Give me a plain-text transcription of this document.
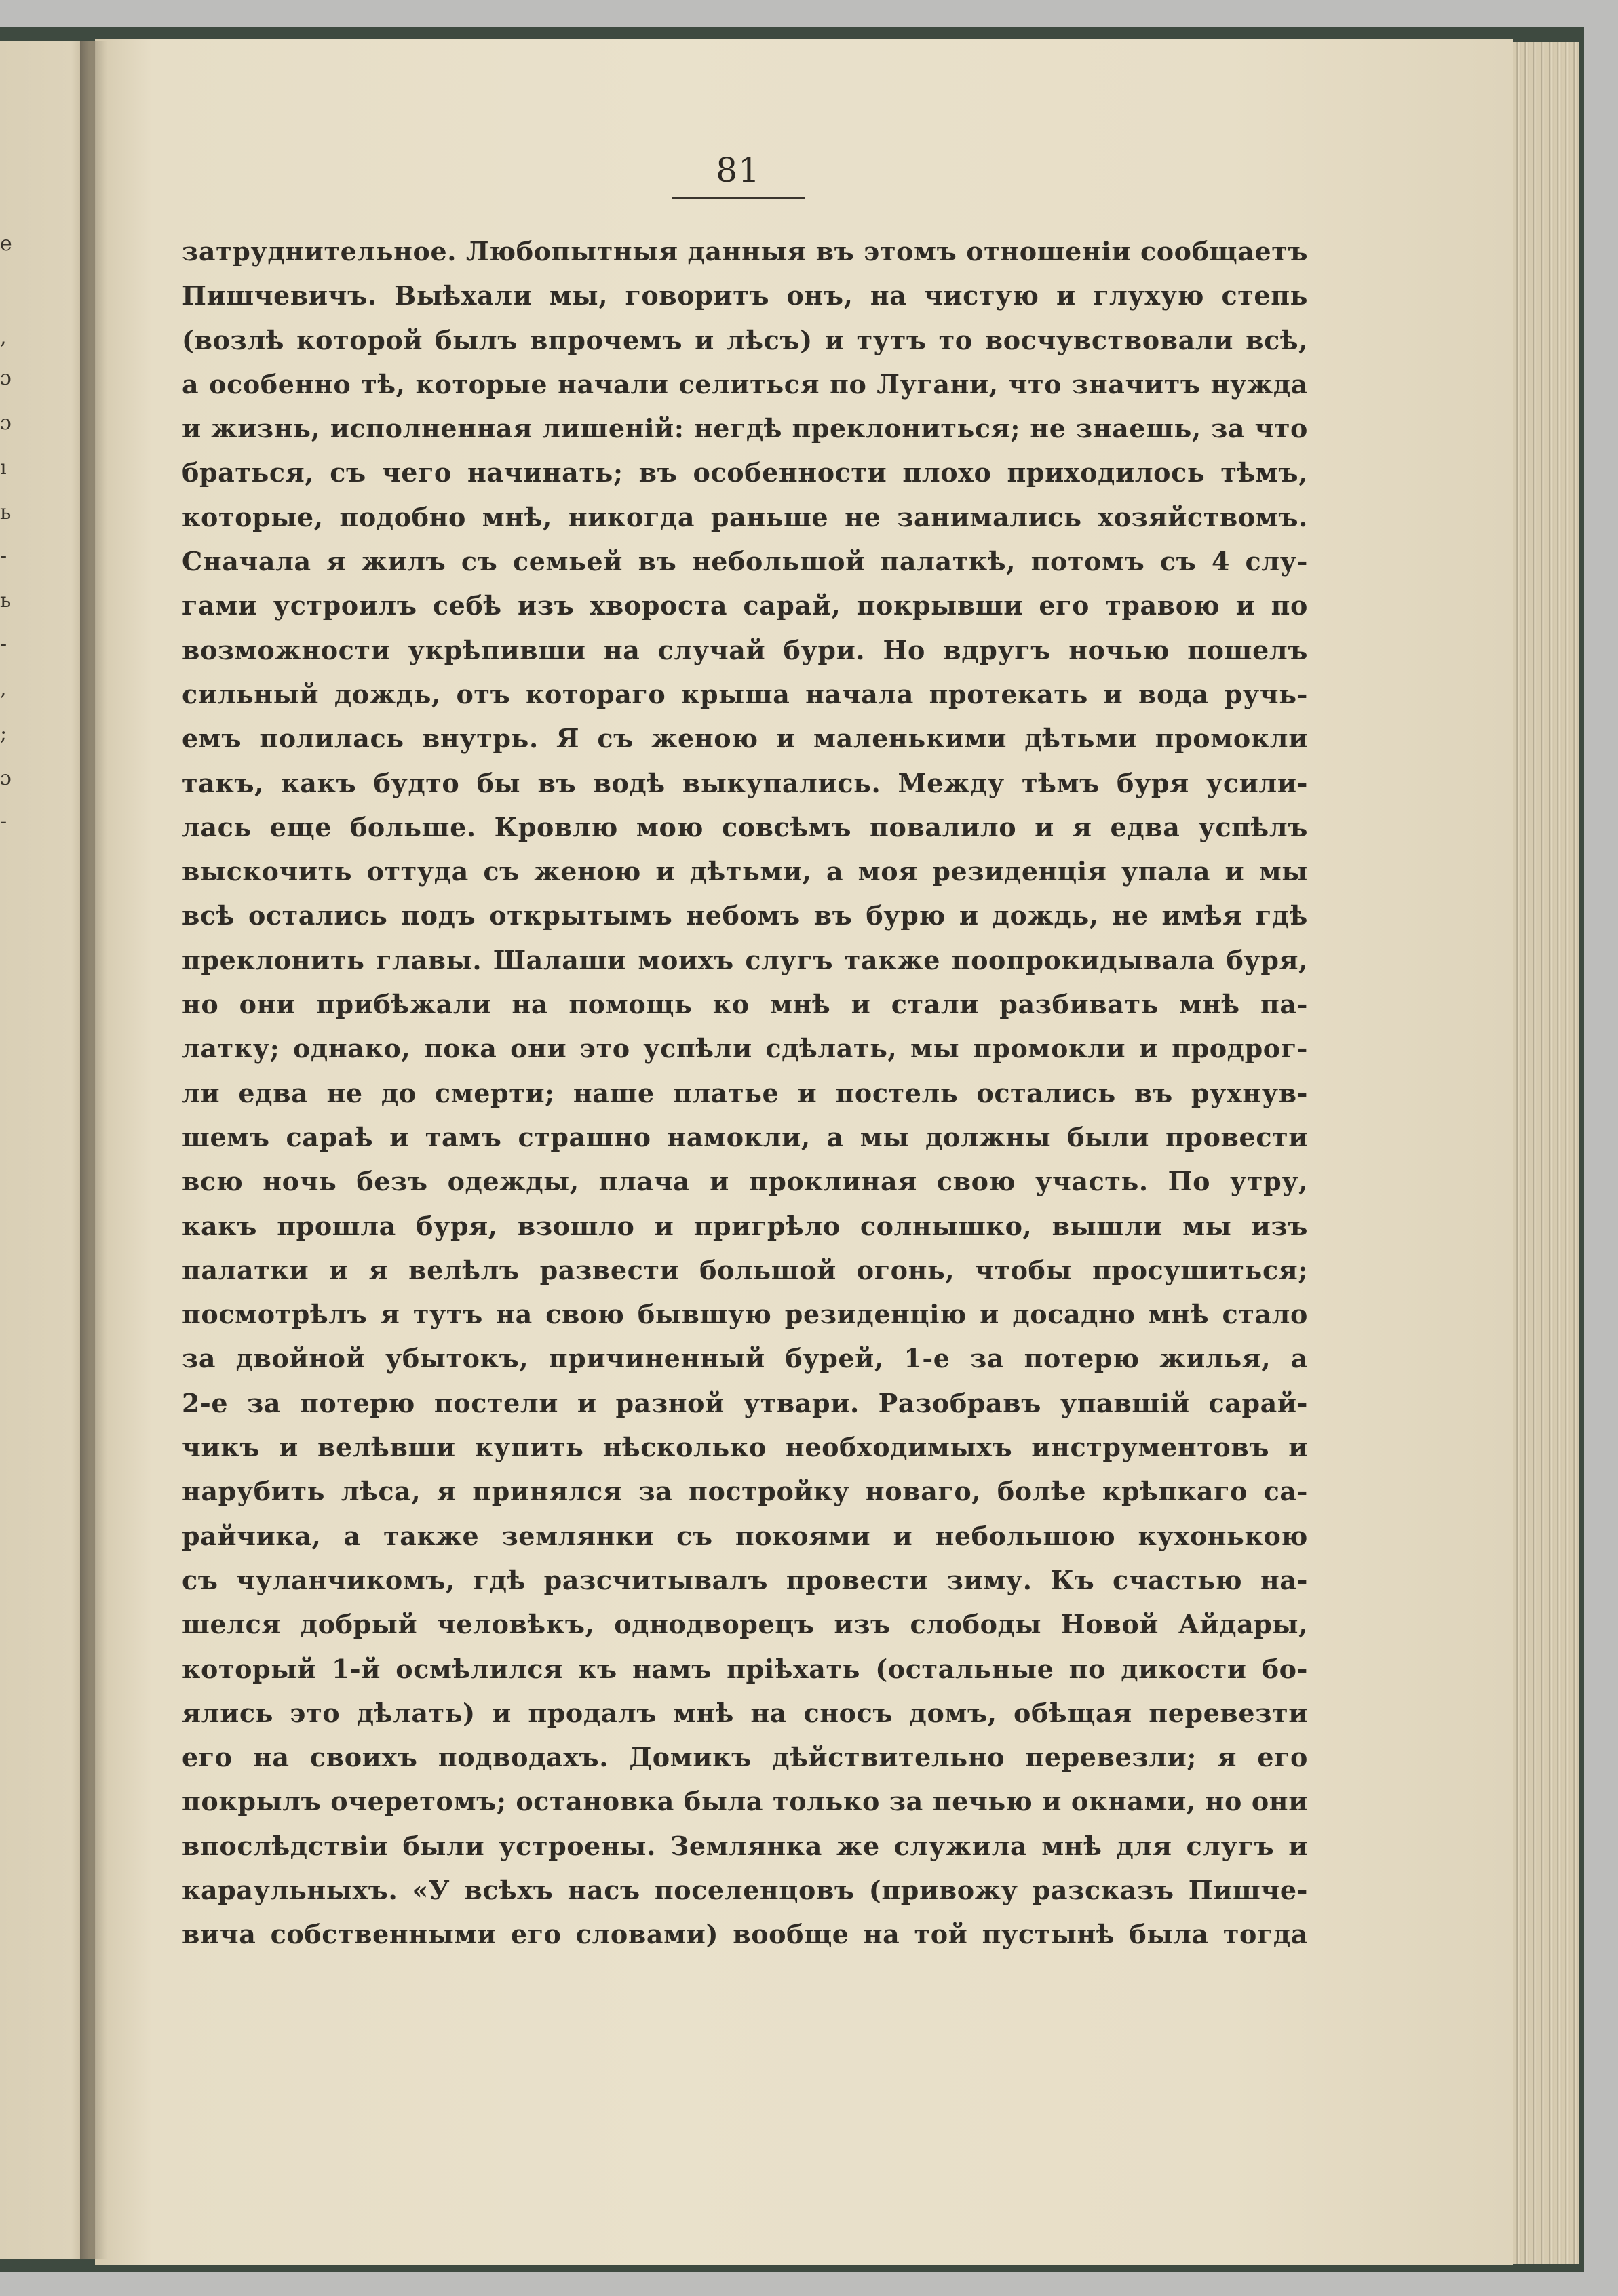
e
,
ɔ
ɔ
ı
ь
-
ь
-
,
;
ɔ
-
81
затруднительное. Любопытныя данныя въ этомъ отношеніи сообщаетъ
Пишчевичъ. Выѣхали мы, говоритъ онъ, на чистую и глухую степь
(возлѣ которой былъ впрочемъ и лѣсъ) и тутъ то восчувствовали всѣ,
а особенно тѣ, которые начали селиться по Лугани, что значитъ нужда
и жизнь, исполненная лишеній: негдѣ преклониться; не знаешь, за что
браться, съ чего начинать; въ особенности плохо приходилось тѣмъ,
которые, подобно мнѣ, никогда раньше не занимались хозяйствомъ.
Сначала я жилъ съ семьей въ небольшой палаткѣ, потомъ съ 4 слу-
гами устроилъ себѣ изъ хвороста сарай, покрывши его травою и по
возможности укрѣпивши на случай бури. Но вдругъ ночью пошелъ
сильный дождь, отъ котораго крыша начала протекать и вода ручь-
емъ полилась внутрь. Я съ женою и маленькими дѣтьми промокли
такъ, какъ будто бы въ водѣ выкупались. Между тѣмъ буря усили-
лась еще больше. Кровлю мою совсѣмъ повалило и я едва успѣлъ
выскочить оттуда съ женою и дѣтьми, а моя резиденція упала и мы
всѣ остались подъ открытымъ небомъ въ бурю и дождь, не имѣя гдѣ
преклонить главы. Шалаши моихъ слугъ также поопрокидывала буря,
но они прибѣжали на помощь ко мнѣ и стали разбивать мнѣ па-
латку; однако, пока они это успѣли сдѣлать, мы промокли и продрог-
ли едва не до смерти; наше платье и постель остались въ рухнув-
шемъ сараѣ и тамъ страшно намокли, а мы должны были провести
всю ночь безъ одежды, плача и проклиная свою участь. По утру,
какъ прошла буря, взошло и пригрѣло солнышко, вышли мы изъ
палатки и я велѣлъ развести большой огонь, чтобы просушиться;
посмотрѣлъ я тутъ на свою бывшую резиденцію и досадно мнѣ стало
за двойной убытокъ, причиненный бурей, 1-е за потерю жилья, а
2-е за потерю постели и разной утвари. Разобравъ упавшій сарай-
чикъ и велѣвши купить нѣсколько необходимыхъ инструментовъ и
нарубить лѣса, я принялся за постройку новаго, болѣе крѣпкаго са-
райчика, а также землянки съ покоями и небольшою кухонькою
съ чуланчикомъ, гдѣ разсчитывалъ провести зиму. Къ счастью на-
шелся добрый человѣкъ, однодворецъ изъ слободы Новой Айдары,
который 1-й осмѣлился къ намъ пріѣхать (остальные по дикости бо-
ялись это дѣлать) и продалъ мнѣ на сносъ домъ, обѣщая перевезти
его на своихъ подводахъ. Домикъ дѣйствительно перевезли; я его
покрылъ очеретомъ; остановка была только за печью и окнами, но они
впослѣдствіи были устроены. Землянка же служила мнѣ для слугъ и
караульныхъ. «У всѣхъ насъ поселенцовъ (привожу разсказъ Пишче-
вича собственными его словами) вообще на той пустынѣ была тогда
